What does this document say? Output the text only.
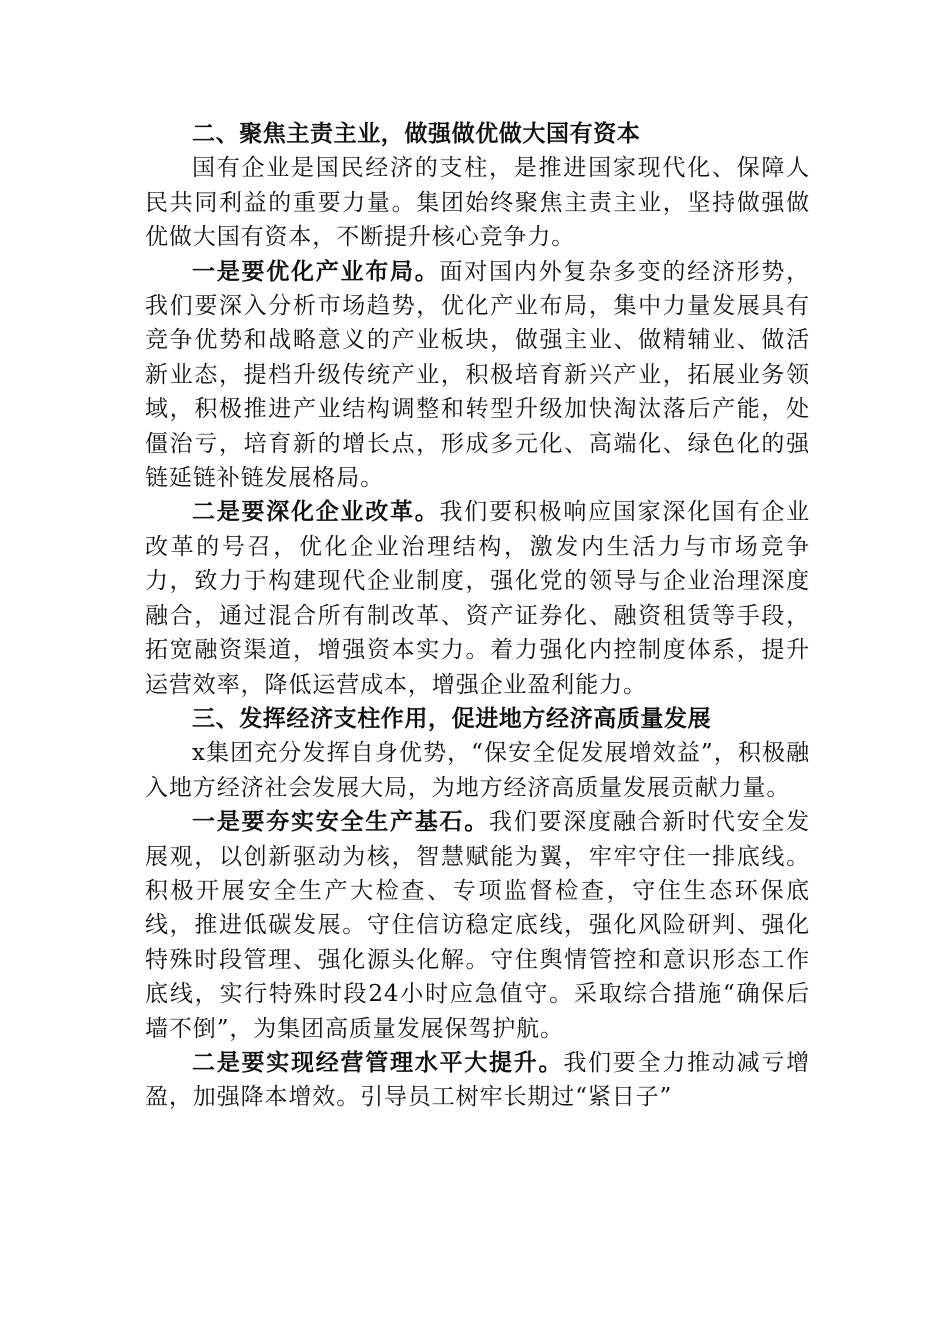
二、聚焦主责主业，做强做优做大国有资本

国有企业是国民经济的支柱，是推进国家现代化、保障人民共同利益的重要力量。集团始终聚焦主责主业，坚持做强做优做大国有资本，不断提升核心竞争力。

一是要优化产业布局。面对国内外复杂多变的经济形势，我们要深入分析市场趋势，优化产业布局，集中力量发展具有竞争优势和战略意义的产业板块，做强主业、做精辅业、做活新业态，提档升级传统产业，积极培育新兴产业，拓展业务领域，积极推进产业结构调整和转型升级加快淘汰落后产能，处僵治亏，培育新的增长点，形成多元化、高端化、绿色化的强链延链补链发展格局。

二是要深化企业改革。我们要积极响应国家深化国有企业改革的号召，优化企业治理结构，激发内生活力与市场竞争力，致力于构建现代企业制度，强化党的领导与企业治理深度融合，通过混合所有制改革、资产证券化、融资租赁等手段，拓宽融资渠道，增强资本实力。着力强化内控制度体系，提升运营效率，降低运营成本，增强企业盈利能力。

三、发挥经济支柱作用，促进地方经济高质量发展

x集团充分发挥自身优势，“保安全促发展增效益”，积极融入地方经济社会发展大局，为地方经济高质量发展贡献力量。

一是要夯实安全生产基石。我们要深度融合新时代安全发展观，以创新驱动为核，智慧赋能为翼，牢牢守住一排底线。积极开展安全生产大检查、专项监督检查，守住生态环保底线，推进低碳发展。守住信访稳定底线，强化风险研判、强化特殊时段管理、强化源头化解。守住舆情管控和意识形态工作底线，实行特殊时段24小时应急值守。采取综合措施“确保后墙不倒”，为集团高质量发展保驾护航。

二是要实现经营管理水平大提升。我们要全力推动减亏增盈，加强降本增效。引导员工树牢长期过“紧日子”
